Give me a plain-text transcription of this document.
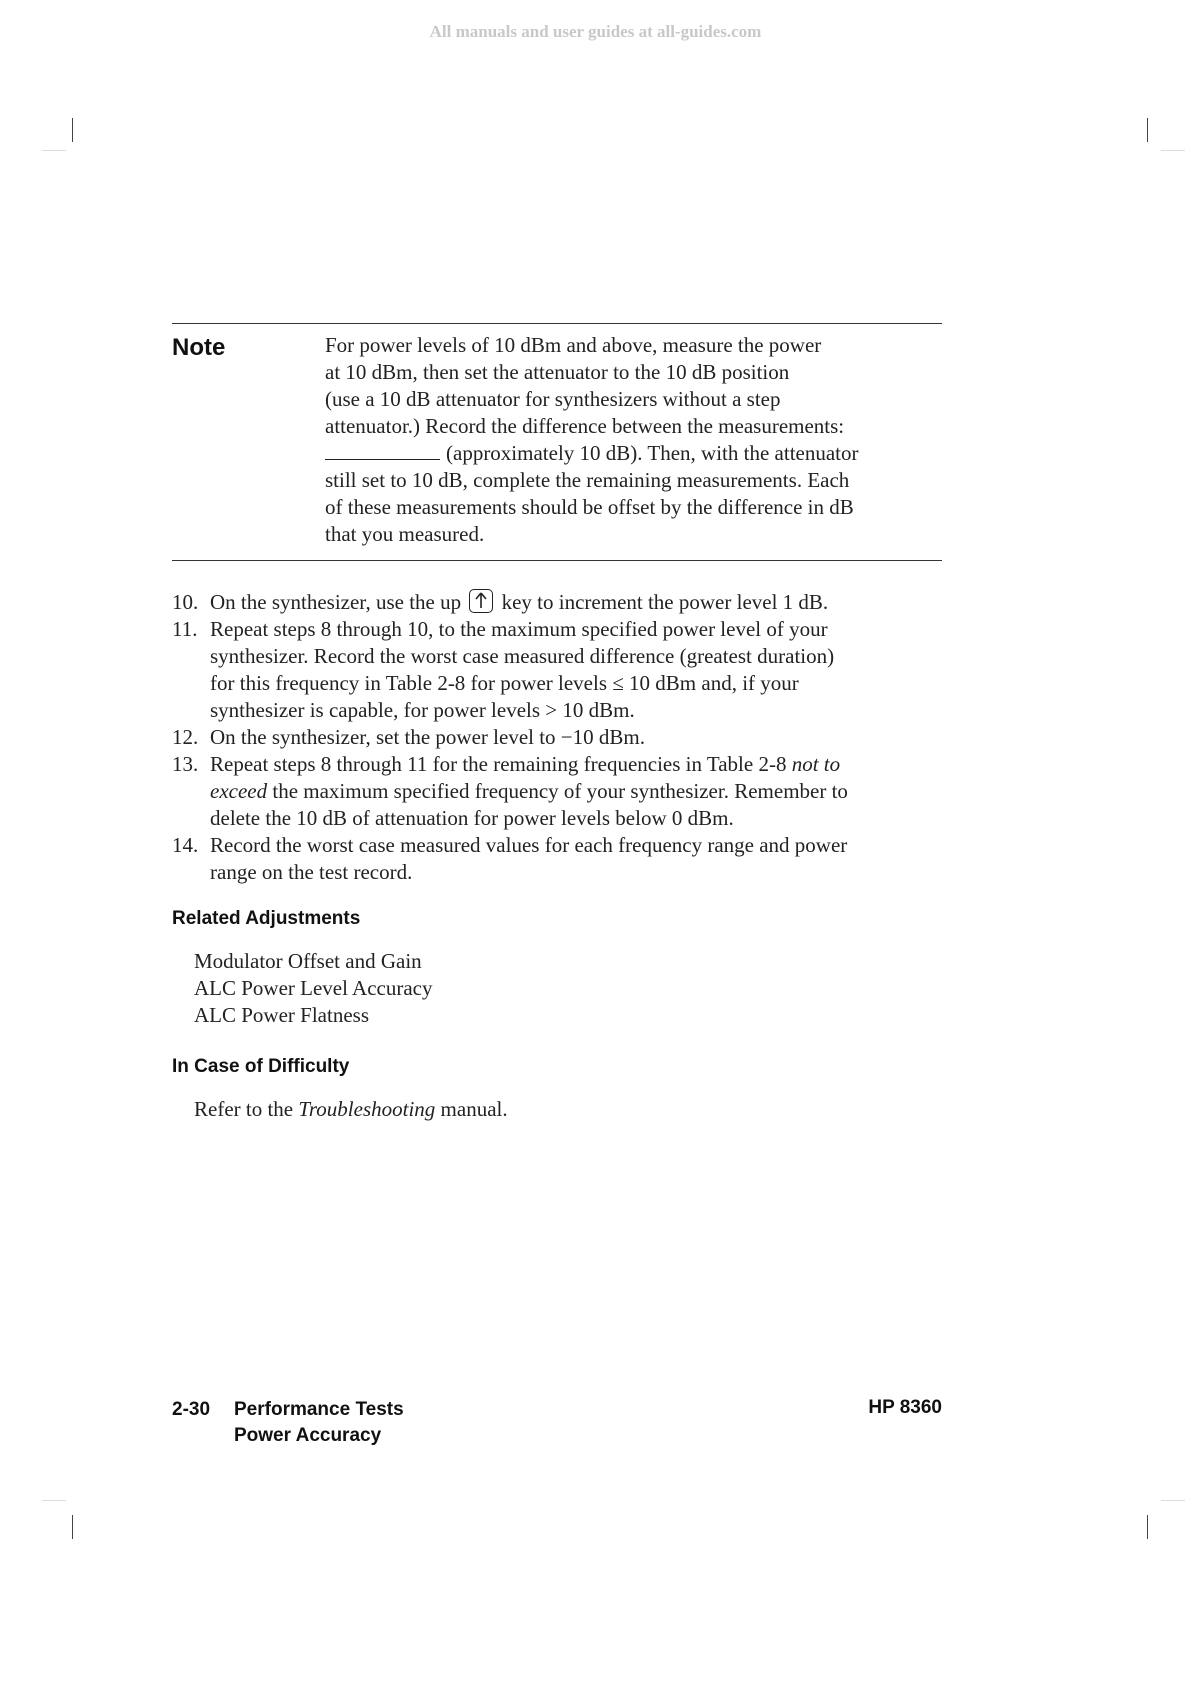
All manuals and user guides at all-guides.com
Note	For power levels of 10 dBm and above, measure the power
at 10 dBm, then set the attenuator to the 10 dB position
(use a 10 dB attenuator for synthesizers without a step
attenuator.) Record the difference between the measurements:
(approximately 10 dB). Then, with the attenuator
still set to 10 dB, complete the remaining measurements. Each
of these measurements should be offset by the difference in dB
that you measured.
10. On the synthesizer, use the up key to increment the power level 1 dB.
11. Repeat steps 8 through 10, to the maximum specified power level of your
synthesizer. Record the worst case measured difference (greatest duration)
for this frequency in Table 2-8 for power levels ≤ 10 dBm and, if your
synthesizer is capable, for power levels > 10 dBm.
12. On the synthesizer, set the power level to −10 dBm.
13. Repeat steps 8 through 11 for the remaining frequencies in Table 2-8 not to
exceed the maximum specified frequency of your synthesizer. Remember to
delete the 10 dB of attenuation for power levels below 0 dBm.
14. Record the worst case measured values for each frequency range and power
range on the test record.
Related Adjustments
Modulator Offset and Gain
ALC Power Level Accuracy
ALC Power Flatness
In Case of Difficulty
Refer to the Troubleshooting manual.
2-30 Performance Tests
Power Accuracy
HP 8360
